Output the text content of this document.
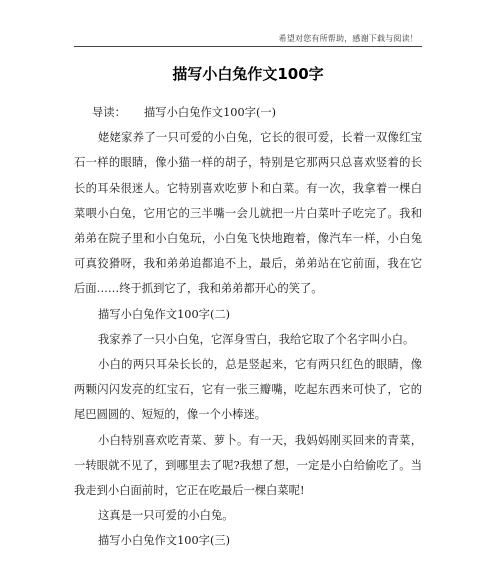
希望对您有所帮助，感谢下载与阅读！
描写小白兔作文100字
导读： 描写小白兔作文100字(一)

姥姥家养了一只可爱的小白兔，它长的很可爱，长着一双像红宝石一样的眼睛，像小猫一样的胡子，特别是它那两只总喜欢竖着的长长的耳朵很迷人。它特别喜欢吃萝卜和白菜。有一次，我拿着一棵白菜喂小白兔，它用它的三半嘴一会儿就把一片白菜叶子吃完了。我和弟弟在院子里和小白兔玩，小白兔飞快地跑着，像汽车一样，小白兔可真狡猾呀，我和弟弟追都追不上，最后，弟弟站在它前面，我在它后面……终于抓到它了，我和弟弟都开心的笑了。

描写小白兔作文100字(二)

我家养了一只小白兔，它浑身雪白，我给它取了个名字叫小白。

小白的两只耳朵长长的，总是竖起来，它有两只红色的眼睛，像两颗闪闪发亮的红宝石，它有一张三瓣嘴，吃起东西来可快了，它的尾巴圆圆的、短短的，像一个小棒迷。

小白特别喜欢吃青菜、萝卜。有一天，我妈妈刚买回来的青菜，一转眼就不见了，到哪里去了呢?我想了想，一定是小白给偷吃了。当我走到小白面前时，它正在吃最后一棵白菜呢!

这真是一只可爱的小白兔。

描写小白兔作文100字(三)
